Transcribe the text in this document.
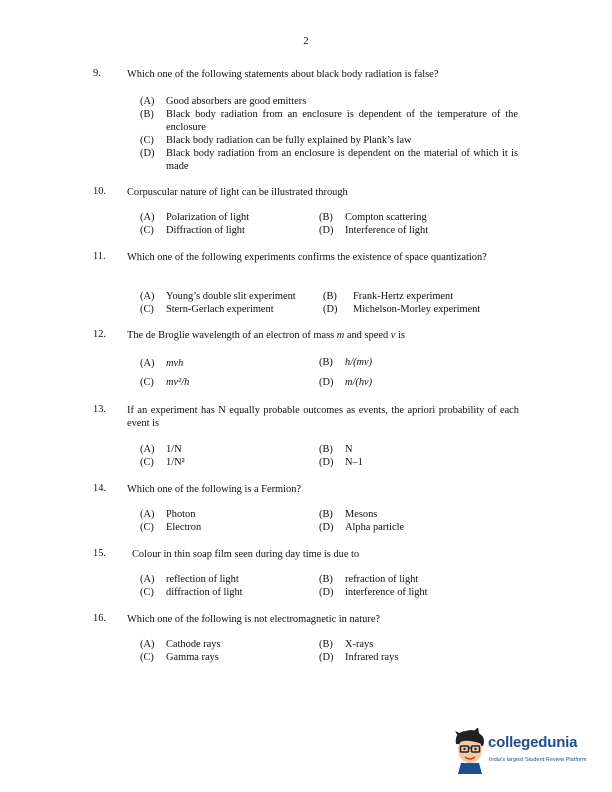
2
9.	Which one of the following statements about black body radiation is false?
(A)	Good absorbers are good emitters
(B)	Black body radiation from an enclosure is dependent of the temperature of the enclosure
(C)	Black body radiation can be fully explained by Plank’s law
(D)	Black body radiation from an enclosure is dependent on the material of which it is made
10. Corpuscular nature of light can be illustrated through
(A) Polarization of light	(B) Compton scattering
(C) Diffraction of light	(D) Interference of light
11. Which one of the following experiments confirms the existence of space quantization?
(A) Young’s double slit experiment	(B) Frank-Hertz experiment
(C) Stern-Gerlach experiment	(D) Michelson-Morley experiment
12. The de Broglie wavelength of an electron of mass m and speed v is
(A) mvh	(B) h/(mv)
(C) mv²/h	(D) m/(hv)
13. If an experiment has N equally probable outcomes as events, the apriori probability of each event is
(A) 1/N	(B) N
(C) 1/N²	(D) N–1
14. Which one of the following is a Fermion?
(A) Photon	(B) Mesons
(C) Electron	(D) Alpha particle
15.	Colour in thin soap film seen during day time is due to
(A) reflection of light	(B) refraction of light
(C) diffraction of light	(D) interference of light
16. Which one of the following is not electromagnetic in nature?
(A) Cathode rays	(B) X-rays
(C) Gamma rays	(D) Infrared rays
collegedunia
India’s largest Student Review Platform
